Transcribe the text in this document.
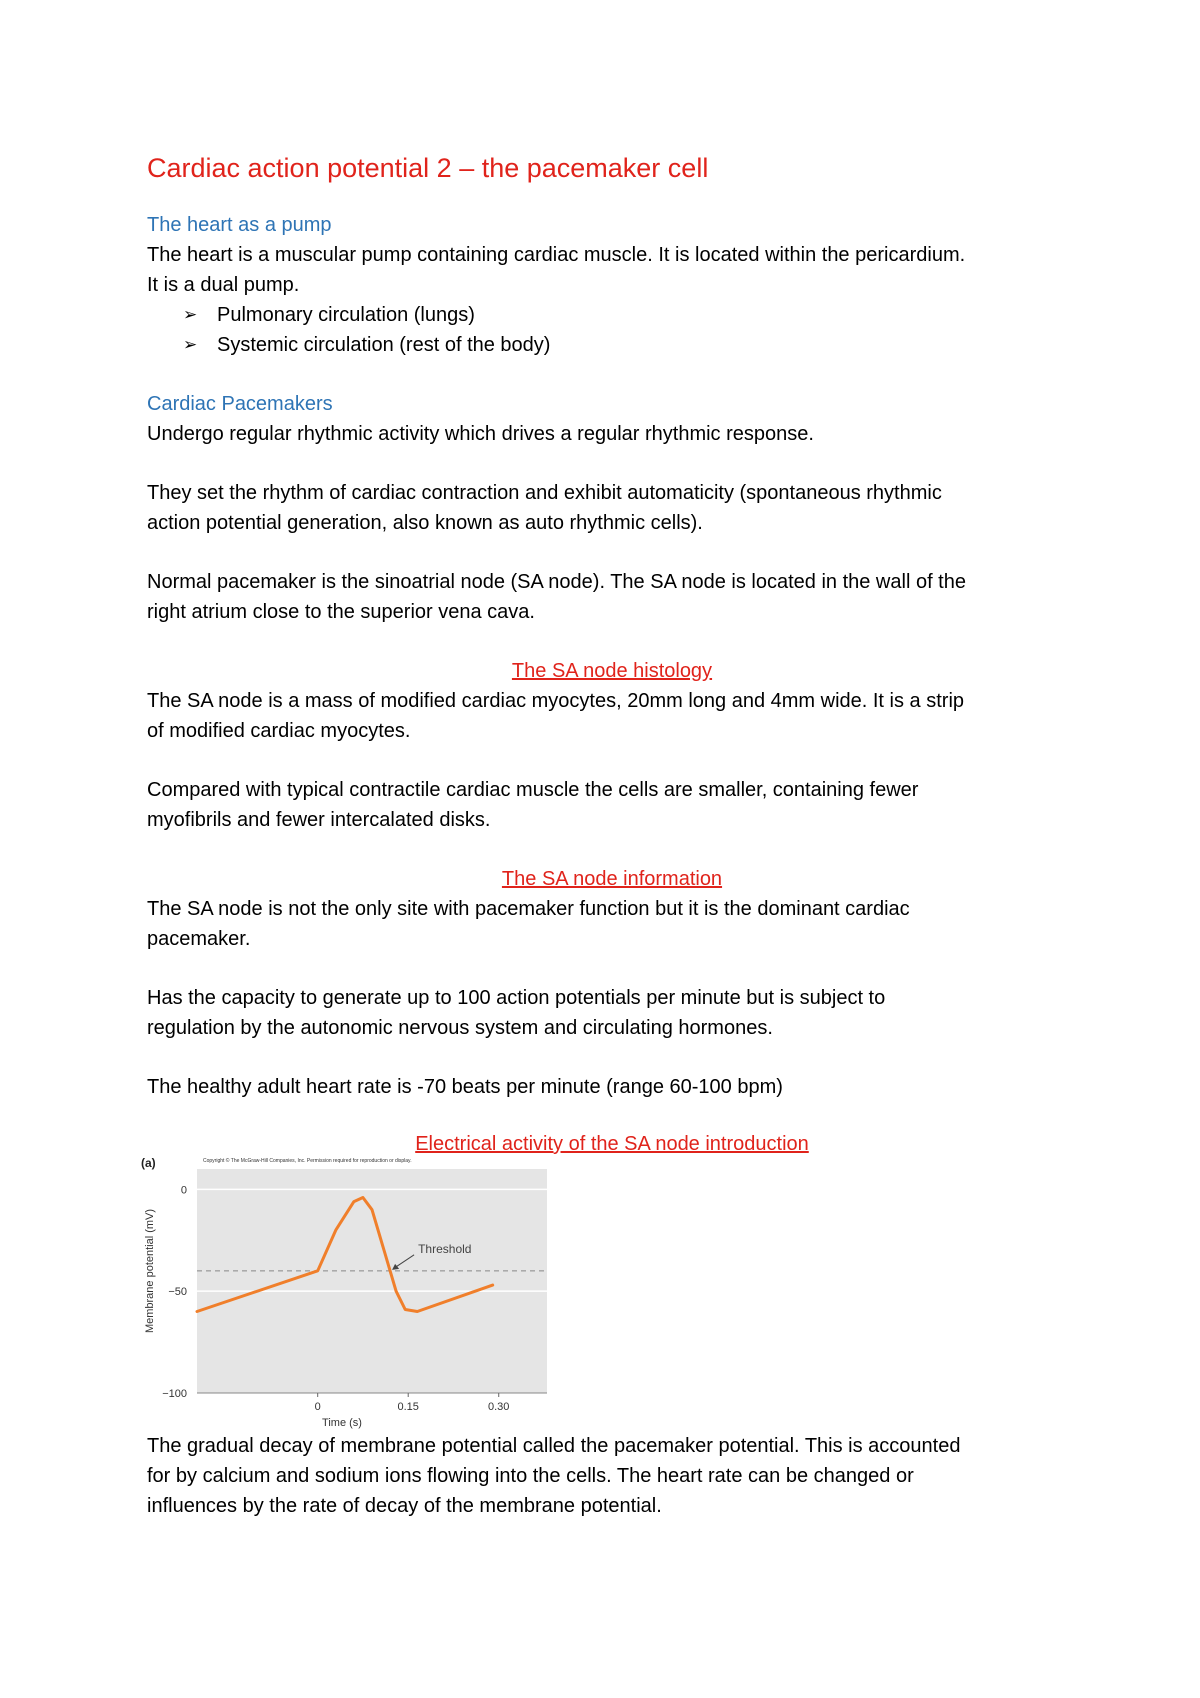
Cardiac action potential 2 – the pacemaker cell
The heart as a pump

The heart is a muscular pump containing cardiac muscle. It is located within the pericardium.

It is a dual pump.

➢ Pulmonary circulation (lungs)
➢ Systemic circulation (rest of the body)
Cardiac Pacemakers

Undergo regular rhythmic activity which drives a regular rhythmic response.

They set the rhythm of cardiac contraction and exhibit automaticity (spontaneous rhythmic

action potential generation, also known as auto rhythmic cells).

Normal pacemaker is the sinoatrial node (SA node). The SA node is located in the wall of the

right atrium close to the superior vena cava.

The SA node histology

The SA node is a mass of modified cardiac myocytes, 20mm long and 4mm wide. It is a strip

of modified cardiac myocytes.

Compared with typical contractile cardiac muscle the cells are smaller, containing fewer

myofibrils and fewer intercalated disks.

The SA node information

The SA node is not the only site with pacemaker function but it is the dominant cardiac

pacemaker.

Has the capacity to generate up to 100 action potentials per minute but is subject to

regulation by the autonomic nervous system and circulating hormones.

The healthy adult heart rate is -70 beats per minute (range 60-100 bpm)

Electrical activity of the SA node introduction
(a)	Copyright © The McGraw-Hill Companies, Inc. Permission required for reproduction or display.
0
−50
−100
0	0.15	0.30
Threshold
Time (s)
Membrane potential (mV)

The gradual decay of membrane potential called the pacemaker potential. This is accounted

for by calcium and sodium ions flowing into the cells. The heart rate can be changed or

influences by the rate of decay of the membrane potential.
